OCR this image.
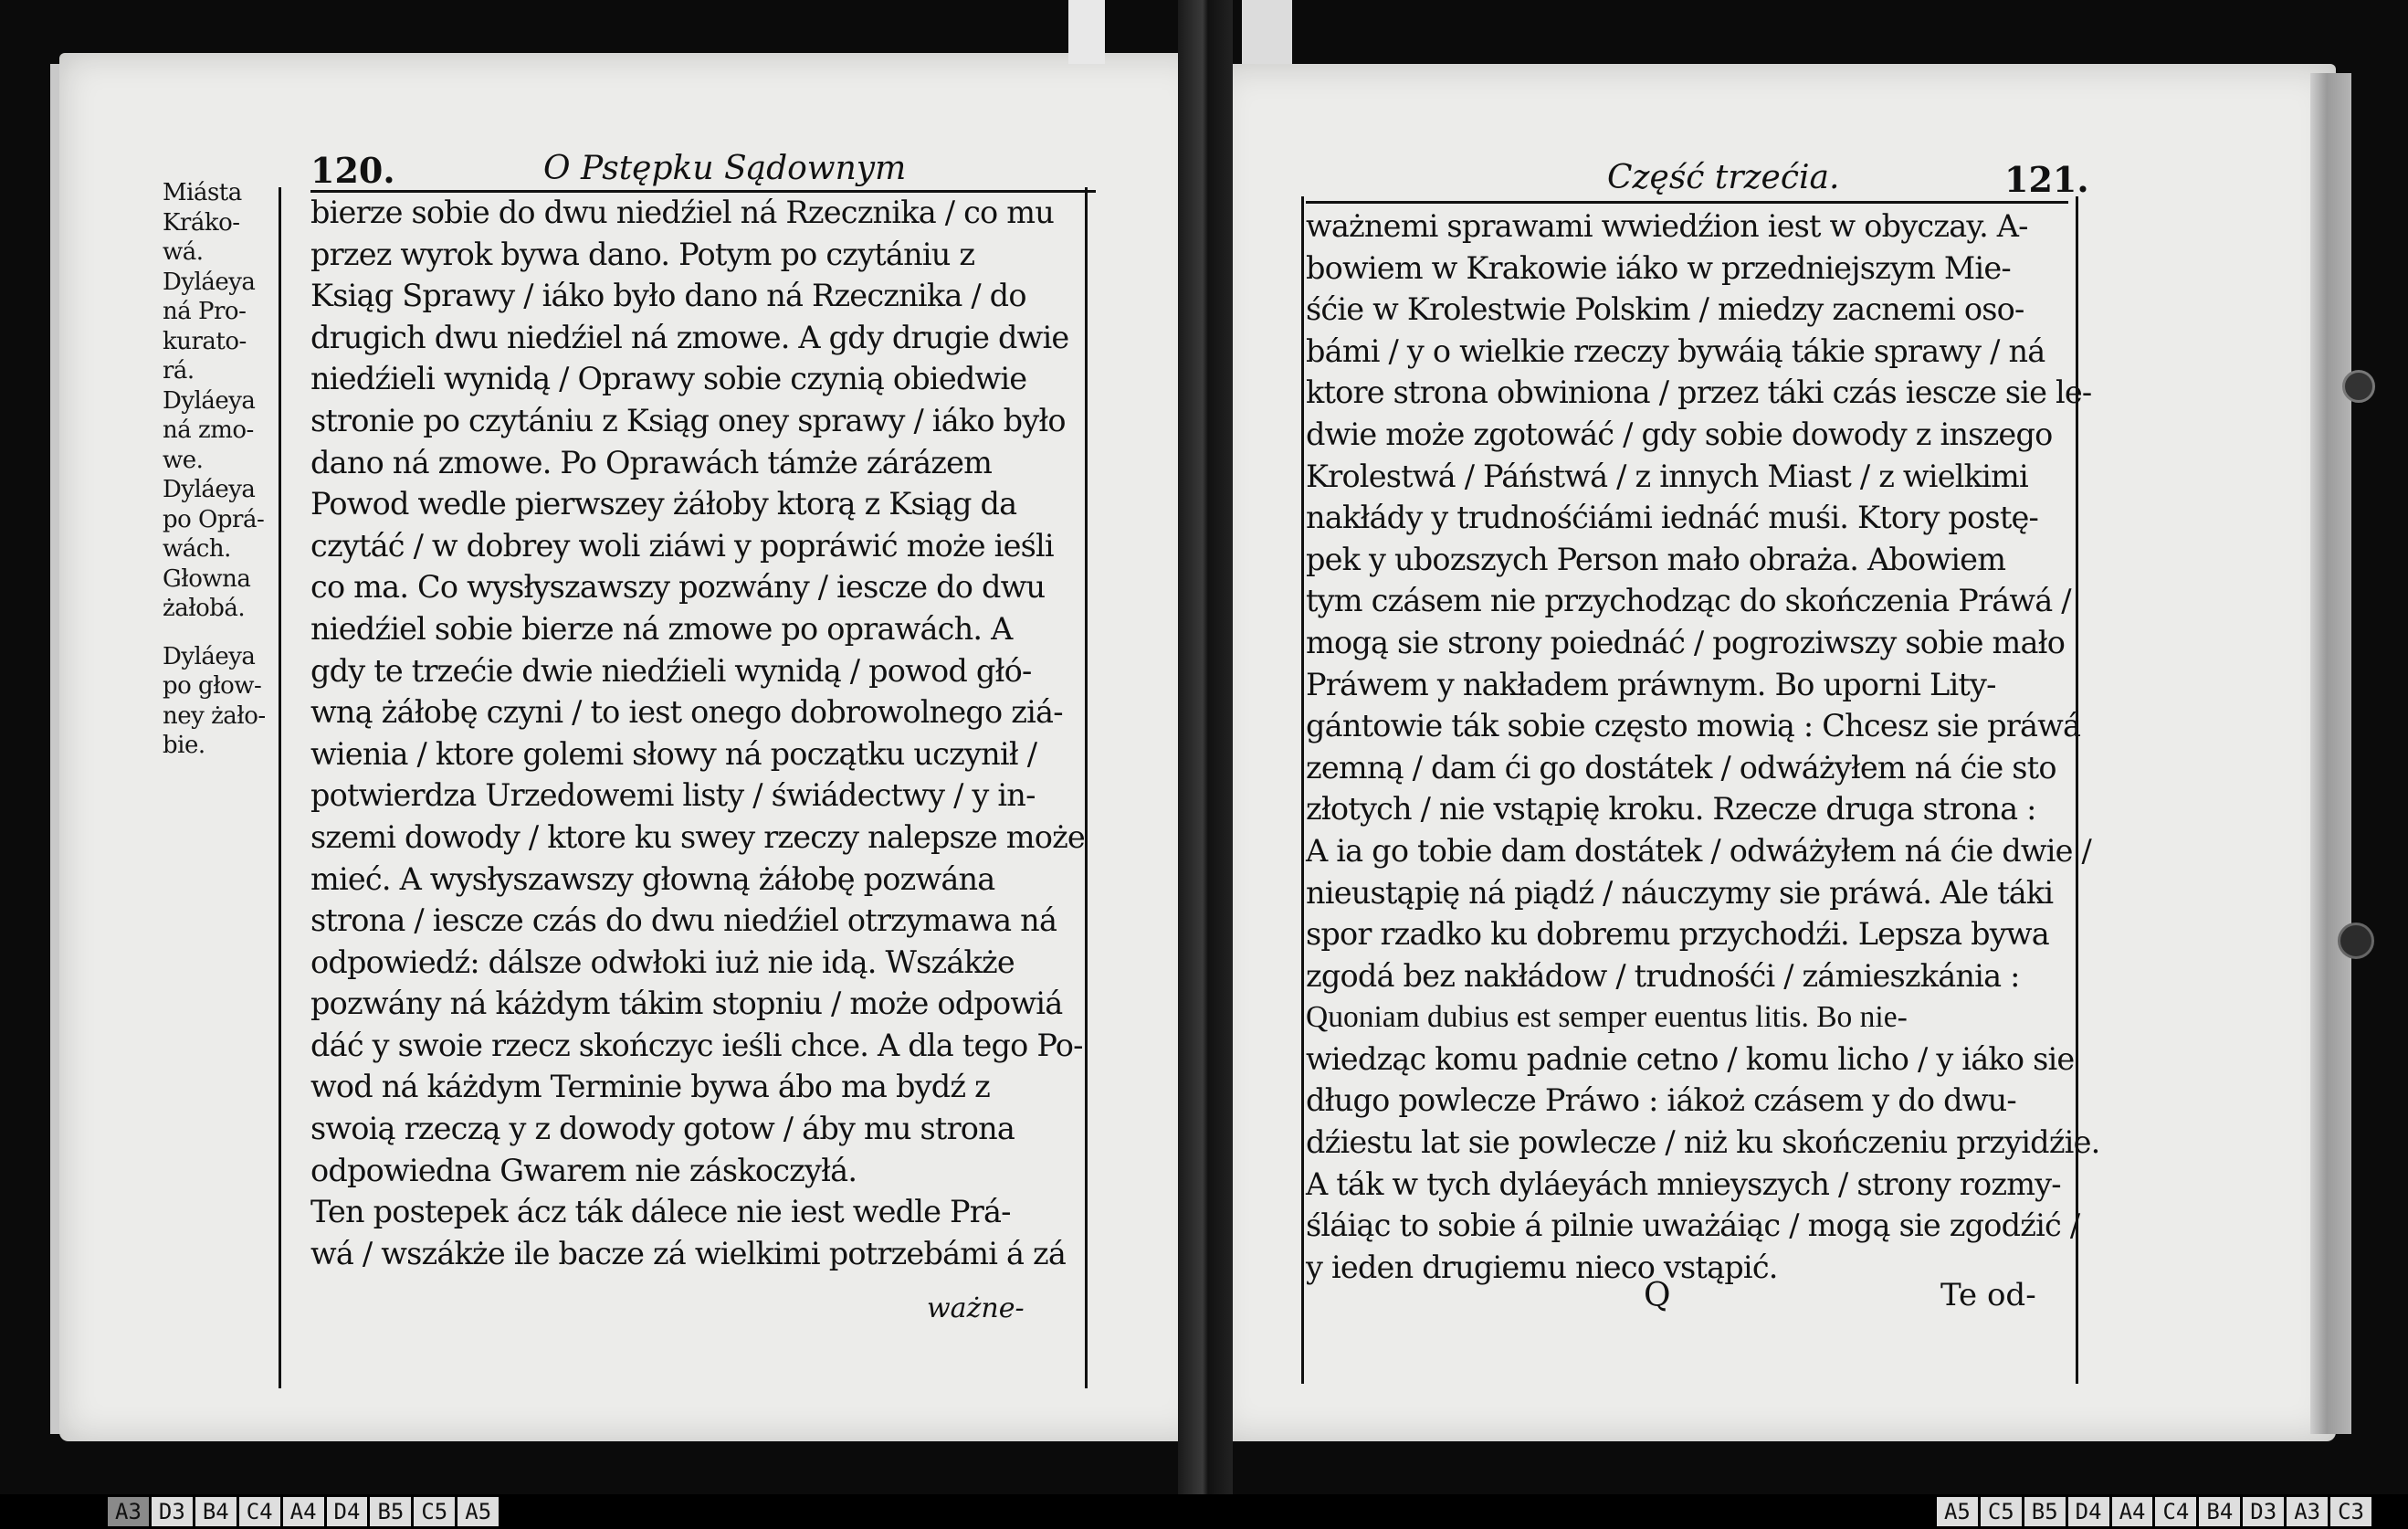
120.	O Pstępku Sądownym
Miásta
Kráko-
wá.
Dyláeya
ná Pro-
kurato-
rá.
Dyláeya
ná zmo-
we.
Dyláeya
po Oprá-
wách.
Głowna
żałobá.
Dyláeya
po głow-
ney żało-
bie.
bierze sobie do dwu niedźiel ná Rzecznika / co mu
przez wyrok bywa dano. Potym po czytániu z
Ksiąg Sprawy / iáko było dano ná Rzecznika / do
drugich dwu niedźiel ná zmowe. A gdy drugie dwie
niedźieli wynidą / Oprawy sobie czynią obiedwie
stronie po czytániu z Ksiąg oney sprawy / iáko było
dano ná zmowe. Po Oprawách támże zárázem
Powod wedle pierwszey żáłoby ktorą z Ksiąg da
czytáć / w dobrey woli ziáwi y popráwić może ieśli
co ma. Co wysłyszawszy pozwány / iescze do dwu
niedźiel sobie bierze ná zmowe po oprawách. A
gdy te trzećie dwie niedźieli wynidą / powod głó-
wną żáłobę czyni / to iest onego dobrowolnego ziá-
wienia / ktore golemi słowy ná początku uczynił /
potwierdza Urzedowemi listy / świádectwy / y in-
szemi dowody / ktore ku swey rzeczy nalepsze może
mieć. A wysłyszawszy głowną żáłobę pozwána
strona / iescze czás do dwu niedźiel otrzymawa ná
odpowiedź: dálsze odwłoki iuż nie idą. Wszákże
pozwány ná káżdym tákim stopniu / może odpowiá
dáć y swoie rzecz skończyc ieśli chce. A dla tego Po-
wod ná káżdym Terminie bywa ábo ma bydź z
swoią rzeczą y z dowody gotow / áby mu strona
odpowiedna Gwarem nie záskoczyłá.
Ten postepek ácz ták dálece nie iest wedle Prá-
wá / wszákże ile bacze zá wielkimi potrzebámi á zá
ważne-
Część trzećia.	121.
ważnemi sprawami wwiedźion iest w obyczay. A-
bowiem w Krakowie iáko w przedniejszym Mie-
śćie w Krolestwie Polskim / miedzy zacnemi oso-
bámi / y o wielkie rzeczy bywáią tákie sprawy / ná
ktore strona obwiniona / przez táki czás iescze sie le-
dwie może zgotowáć / gdy sobie dowody z inszego
Krolestwá / Páństwá / z innych Miast / z wielkimi
nakłády y trudnośćiámi iednáć muśi. Ktory postę-
pek y ubozszych Person mało obraża. Abowiem
tym czásem nie przychodząc do skończenia Práwá /
mogą sie strony poiednáć / pogroziwszy sobie mało
Práwem y nakładem práwnym. Bo uporni Lity-
gántowie ták sobie często mowią : Chcesz sie práwá
zemną / dam ći go dostátek / odwáżyłem ná ćie sto
złotych / nie vstąpię kroku. Rzecze druga strona :
A ia go tobie dam dostátek / odwáżyłem ná ćie dwie /
nieustąpię ná piądź / náuczymy sie práwá. Ale táki
spor rzadko ku dobremu przychodźi. Lepsza bywa
zgodá bez nakłádow / trudnośći / zámieszkánia :
Quoniam dubius est semper euentus litis. Bo nie-
wiedząc komu padnie cetno / komu licho / y iáko sie
długo powlecze Práwo : iákoż czásem y do dwu-
dźiestu lat sie powlecze / niż ku skończeniu przyidźie.
A ták w tych dyláeyách mnieyszych / strony rozmy-
śláiąc to sobie á pilnie uważáiąc / mogą sie zgodźić /
y ieden drugiemu nieco vstąpić.
Q	Te od-
A3 D3 B4 C4 A4 D4 B5 C5 A5	A5 C5 B5 D4 A4 C4 B4 D3 A3 C3
